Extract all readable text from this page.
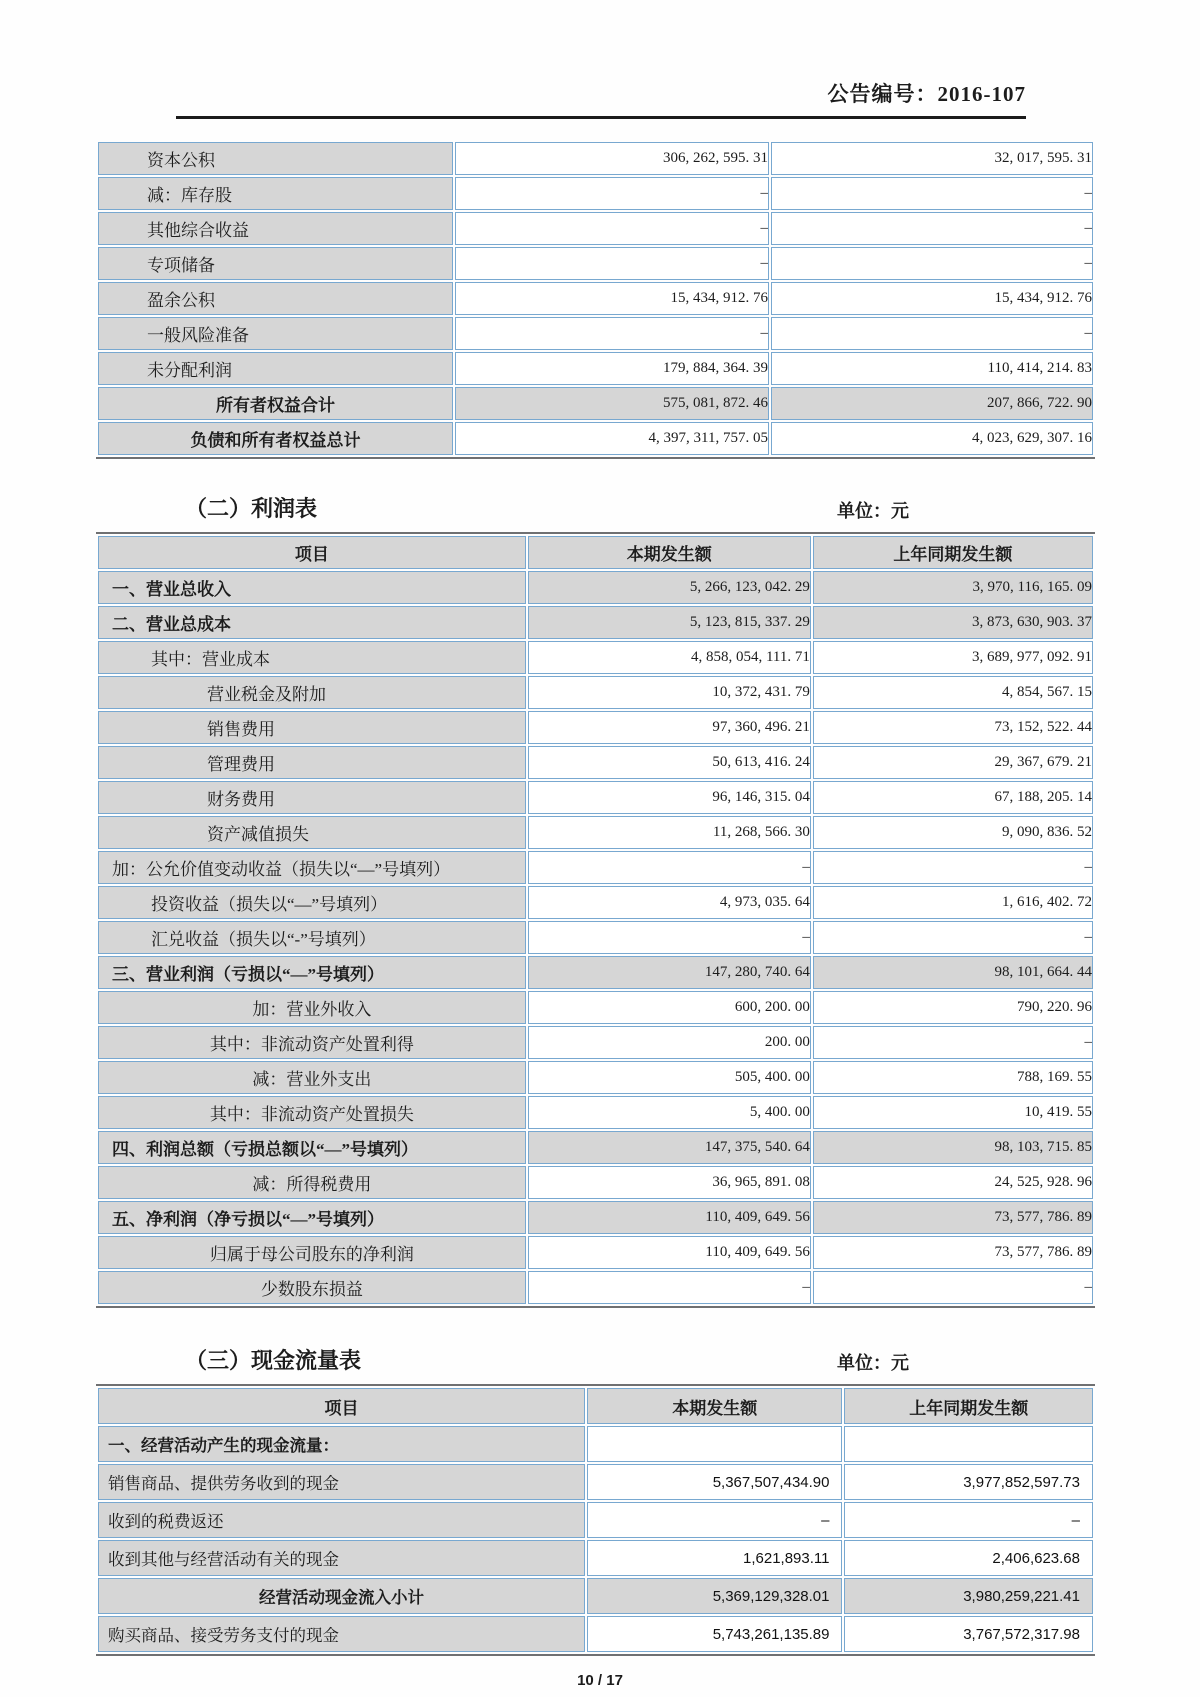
公告编号：2016-107
资本公积	306, 262, 595. 31	32, 017, 595. 31
减：库存股	–	–
其他综合收益	–	–
专项储备	–	–
盈余公积	15, 434, 912. 76	15, 434, 912. 76
一般风险准备	–	–
未分配利润	179, 884, 364. 39	110, 414, 214. 83
所有者权益合计	575, 081, 872. 46	207, 866, 722. 90
负债和所有者权益总计	4, 397, 311, 757. 05	4, 023, 629, 307. 16
（二）利润表	单位：元
项目	本期发生额	上年同期发生额
一、营业总收入	5, 266, 123, 042. 29	3, 970, 116, 165. 09
二、营业总成本	5, 123, 815, 337. 29	3, 873, 630, 903. 37
其中：营业成本	4, 858, 054, 111. 71	3, 689, 977, 092. 91
营业税金及附加	10, 372, 431. 79	4, 854, 567. 15
销售费用	97, 360, 496. 21	73, 152, 522. 44
管理费用	50, 613, 416. 24	29, 367, 679. 21
财务费用	96, 146, 315. 04	67, 188, 205. 14
资产减值损失	11, 268, 566. 30	9, 090, 836. 52
加：公允价值变动收益（损失以“—”号填列）	–	–
投资收益（损失以“—”号填列）	4, 973, 035. 64	1, 616, 402. 72
汇兑收益（损失以“-”号填列）	–	–
三、营业利润（亏损以“—”号填列）	147, 280, 740. 64	98, 101, 664. 44
加：营业外收入	600, 200. 00	790, 220. 96
其中：非流动资产处置利得	200. 00	–
减：营业外支出	505, 400. 00	788, 169. 55
其中：非流动资产处置损失	5, 400. 00	10, 419. 55
四、利润总额（亏损总额以“—”号填列）	147, 375, 540. 64	98, 103, 715. 85
减：所得税费用	36, 965, 891. 08	24, 525, 928. 96
五、净利润（净亏损以“—”号填列）	110, 409, 649. 56	73, 577, 786. 89
归属于母公司股东的净利润	110, 409, 649. 56	73, 577, 786. 89
少数股东损益	–	–
（三）现金流量表	单位：元
项目	本期发生额	上年同期发生额
一、经营活动产生的现金流量：		
销售商品、提供劳务收到的现金	5,367,507,434.90	3,977,852,597.73
收到的税费返还	–	–
收到其他与经营活动有关的现金	1,621,893.11	2,406,623.68
经营活动现金流入小计	5,369,129,328.01	3,980,259,221.41
购买商品、接受劳务支付的现金	5,743,261,135.89	3,767,572,317.98
10 / 17
